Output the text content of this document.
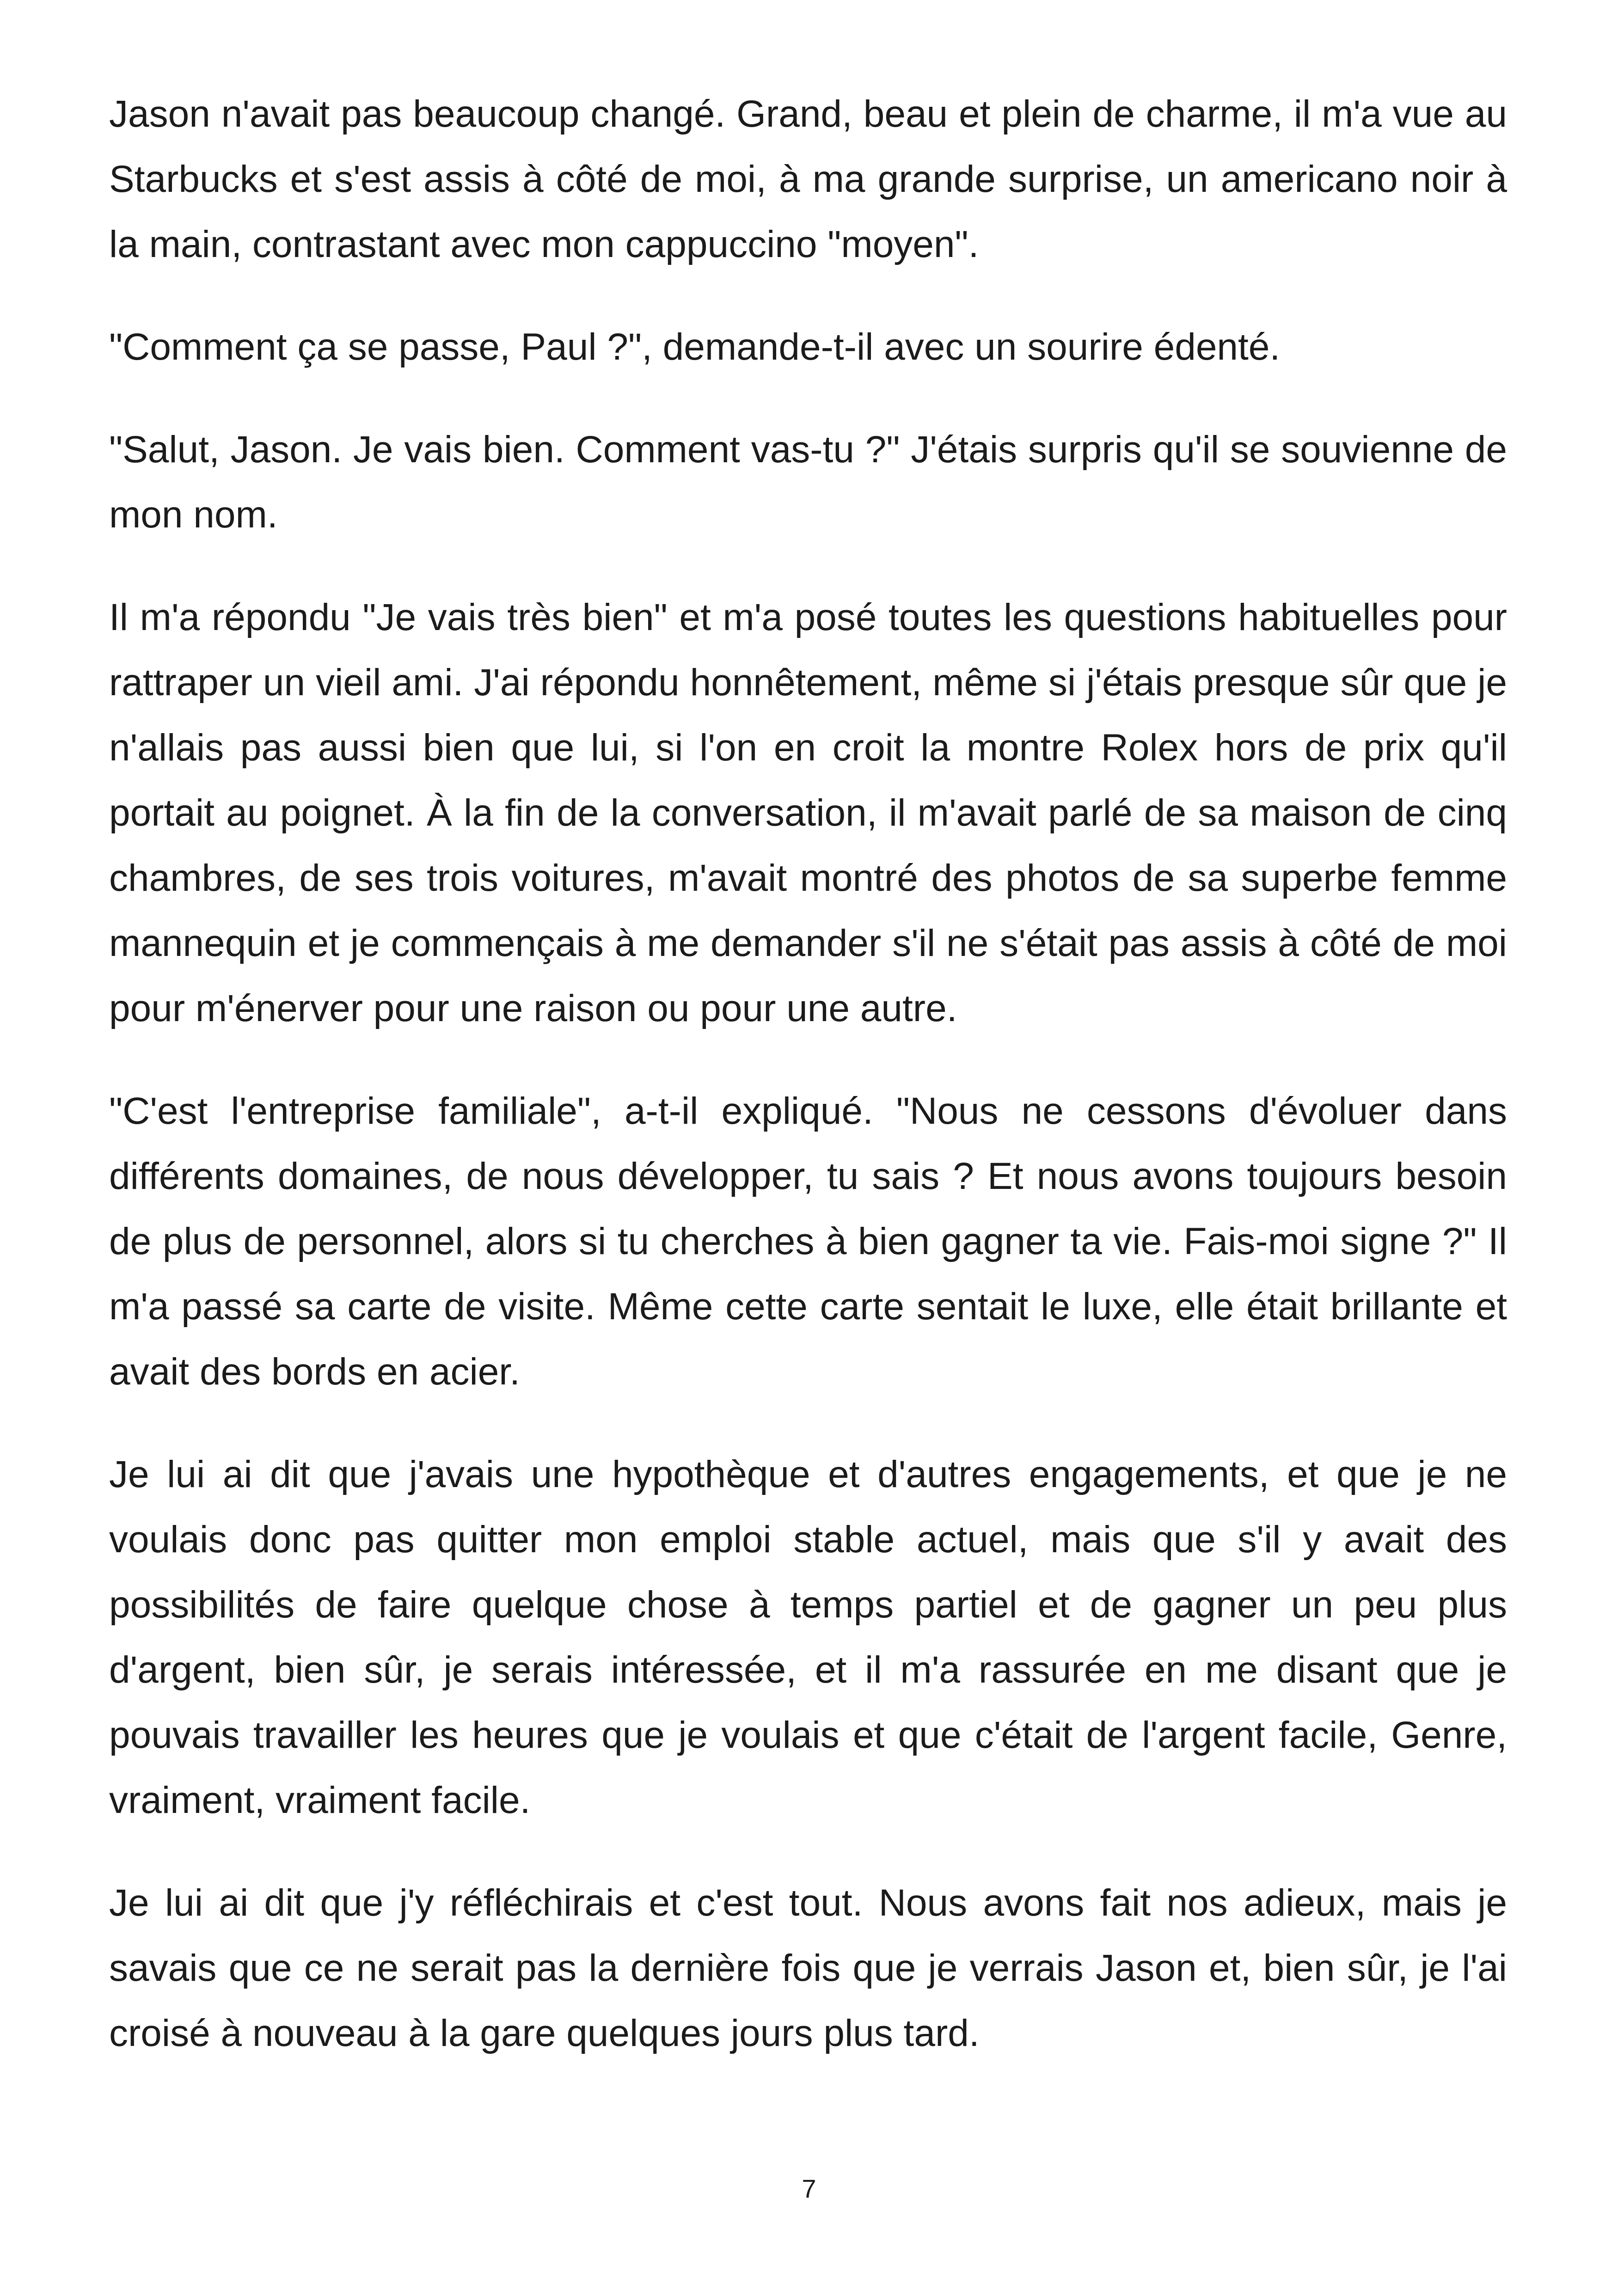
Jason n'avait pas beaucoup changé. Grand, beau et plein de charme, il m'a vue au Starbucks et s'est assis à côté de moi, à ma grande surprise, un americano noir à la main, contrastant avec mon cappuccino "moyen".

"Comment ça se passe, Paul ?", demande-t-il avec un sourire édenté.

"Salut, Jason. Je vais bien. Comment vas-tu ?" J'étais surpris qu'il se souvienne de mon nom.

Il m'a répondu "Je vais très bien" et m'a posé toutes les questions habituelles pour rattraper un vieil ami. J'ai répondu honnêtement, même si j'étais presque sûr que je n'allais pas aussi bien que lui, si l'on en croit la montre Rolex hors de prix qu'il portait au poignet. À la fin de la conversation, il m'avait parlé de sa maison de cinq chambres, de ses trois voitures, m'avait montré des photos de sa superbe femme mannequin et je commençais à me demander s'il ne s'était pas assis à côté de moi pour m'énerver pour une raison ou pour une autre.

"C'est l'entreprise familiale", a-t-il expliqué. "Nous ne cessons d'évoluer dans différents domaines, de nous développer, tu sais ? Et nous avons toujours besoin de plus de personnel, alors si tu cherches à bien gagner ta vie. Fais-moi signe ?" Il m'a passé sa carte de visite. Même cette carte sentait le luxe, elle était brillante et avait des bords en acier.

Je lui ai dit que j'avais une hypothèque et d'autres engagements, et que je ne voulais donc pas quitter mon emploi stable actuel, mais que s'il y avait des possibilités de faire quelque chose à temps partiel et de gagner un peu plus d'argent, bien sûr, je serais intéressée, et il m'a rassurée en me disant que je pouvais travailler les heures que je voulais et que c'était de l'argent facile, Genre, vraiment, vraiment facile.

Je lui ai dit que j'y réfléchirais et c'est tout. Nous avons fait nos adieux, mais je savais que ce ne serait pas la dernière fois que je verrais Jason et, bien sûr, je l'ai croisé à nouveau à la gare quelques jours plus tard.

7
